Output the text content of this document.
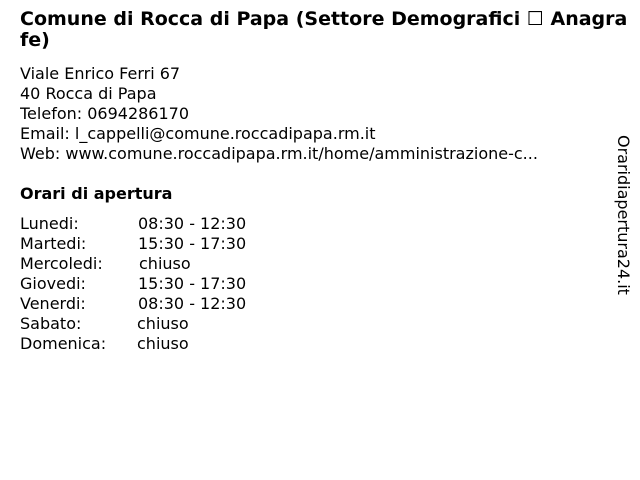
Comune di Rocca di Papa (Settore Demografici ☐ Anagrafe)
Viale Enrico Ferri 67
40 Rocca di Papa
Telefon: 0694286170
Email: l_cappelli@comune.roccadipapa.rm.it
Web: www.comune.roccadipapa.rm.it/home/amministrazione-c...
Orari di apertura
Lunedi:	08:30 - 12:30
Martedi:	15:30 - 17:30
Mercoledi: chiuso
Giovedi:	15:30 - 17:30
Venerdi:	08:30 - 12:30
Sabato:	chiuso
Domenica: chiuso
Oraridiapertura24.it
